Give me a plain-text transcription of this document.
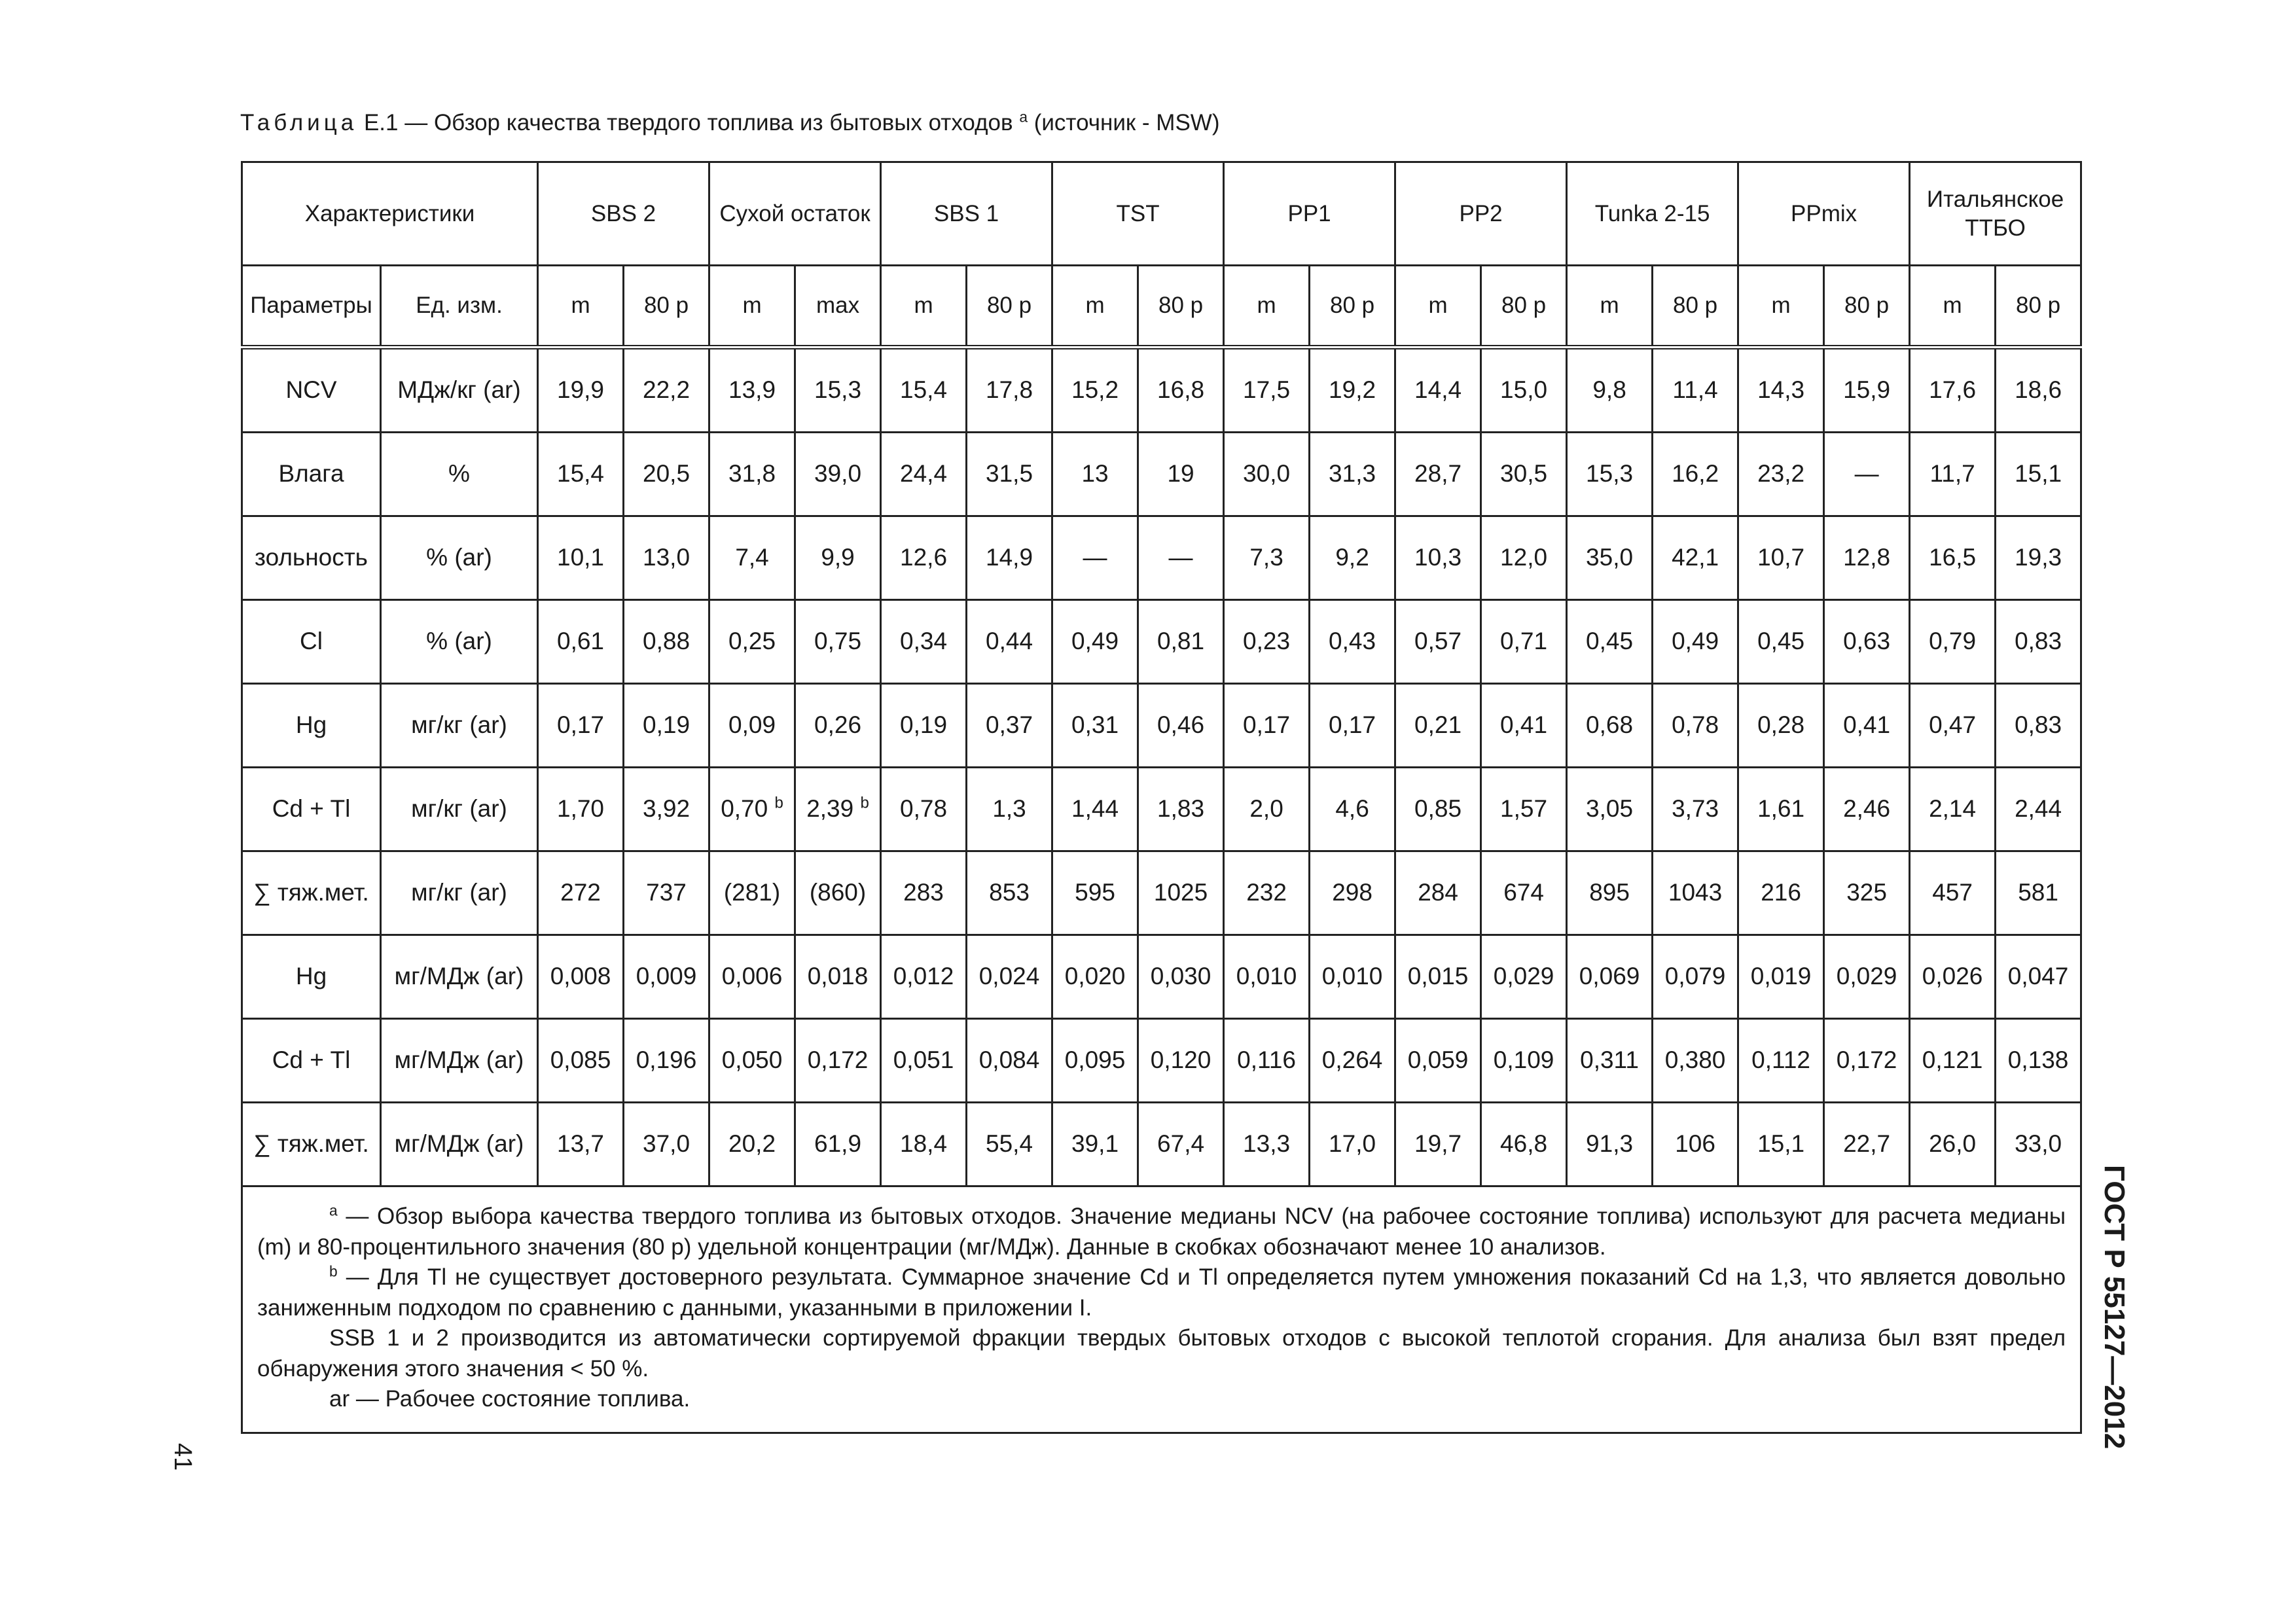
Таблица Е.1 — Обзор качества твердого топлива из бытовых отходов $^а$ (источник - MSW)
Характеристики		SBS 2		Сухой остаток		SBS 1		TST		PP1		PP2		Tunka 2-15		PPmix		Итальянское ТТБО	
Параметры	Ед. изм.	m	80 p	m	max	m	80 p	m	80 p	m	80 p	m	80 p	m	80 p	m	80 p	m	80 p
NCV	МДж/кг (ar)	19,9	22,2	13,9	15,3	15,4	17,8	15,2	16,8	17,5	19,2	14,4	15,0	9,8	11,4	14,3	15,9	17,6	18,6
Влага	%	15,4	20,5	31,8	39,0	24,4	31,5	13	19	30,0	31,3	28,7	30,5	15,3	16,2	23,2	—	11,7	15,1
зольность	% (ar)	10,1	13,0	7,4	9,9	12,6	14,9	—	—	7,3	9,2	10,3	12,0	35,0	42,1	10,7	12,8	16,5	19,3
Cl	% (ar)	0,61	0,88	0,25	0,75	0,34	0,44	0,49	0,81	0,23	0,43	0,57	0,71	0,45	0,49	0,45	0,63	0,79	0,83
Hg	мг/кг (ar)	0,17	0,19	0,09	0,26	0,19	0,37	0,31	0,46	0,17	0,17	0,21	0,41	0,68	0,78	0,28	0,41	0,47	0,83
Cd + Tl	мг/кг (ar)	1,70	3,92	0,70 $^b$	2,39 $^b$	0,78	1,3	1,44	1,83	2,0	4,6	0,85	1,57	3,05	3,73	1,61	2,46	2,14	2,44
∑ тяж.мет.	мг/кг (ar)	272	737	(281)	(860)	283	853	595	1025	232	298	284	674	895	1043	216	325	457	581
Hg	мг/МДж (ar)	0,008	0,009	0,006	0,018	0,012	0,024	0,020	0,030	0,010	0,010	0,015	0,029	0,069	0,079	0,019	0,029	0,026	0,047
Cd + Tl	мг/МДж (ar)	0,085	0,196	0,050	0,172	0,051	0,084	0,095	0,120	0,116	0,264	0,059	0,109	0,311	0,380	0,112	0,172	0,121	0,138
∑ тяж.мет.	мг/МДж (ar)	13,7	37,0	20,2	61,9	18,4	55,4	39,1	67,4	13,3	17,0	19,7	46,8	91,3	106	15,1	22,7	26,0	33,0

$^а$ — Обзор выбора качества твердого топлива из бытовых отходов. Значение медианы NCV (на рабочее состояние топлива) используют для расчета медианы (m) и 80-процентильного значения (80 p) удельной концентрации (мг/МДж). Данные в скобках обозначают менее 10 анализов.

$^b$ — Для Tl не существует достоверного результата. Суммарное значение Cd и Tl определяется путем умножения показаний Cd на 1,3, что является довольно заниженным подходом по сравнению с данными, указанными в приложении I.

SSB 1 и 2 производится из автоматически сортируемой фракции твердых бытовых отходов с высокой теплотой сгорания. Для анализа был взят предел обнаружения этого значения < 50 %.

ar — Рабочее состояние топлива.																				ГОСТ Р 55127—2012
41
